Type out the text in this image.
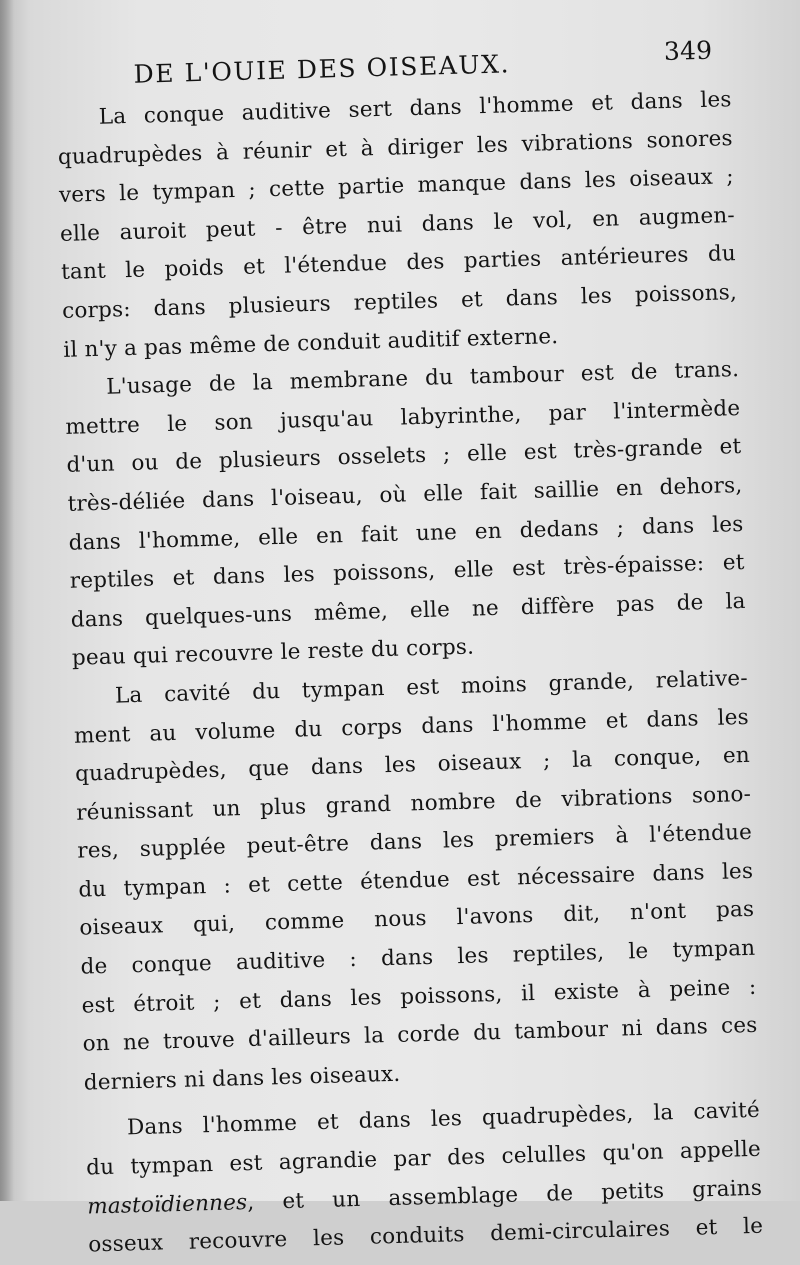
DE L'OUIE DES OISEAUX.	349
La conque auditive sert dans l'homme et dans les
quadrupèdes à réunir et à diriger les vibrations sonores
vers le tympan ; cette partie manque dans les oiseaux ;
elle auroit peut - être nui dans le vol, en augmen-
tant le poids et l'étendue des parties antérieures du
corps: dans plusieurs reptiles et dans les poissons,
il n'y a pas même de conduit auditif externe.
L'usage de la membrane du tambour est de trans.
mettre le son jusqu'au labyrinthe, par l'intermède
d'un ou de plusieurs osselets ; elle est très-grande et
très-déliée dans l'oiseau, où elle fait saillie en dehors,
dans l'homme, elle en fait une en dedans ; dans les
reptiles et dans les poissons, elle est très-épaisse: et
dans quelques-uns même, elle ne diffère pas de la
peau qui recouvre le reste du corps.
La cavité du tympan est moins grande, relative-
ment au volume du corps dans l'homme et dans les
quadrupèdes, que dans les oiseaux ; la conque, en
réunissant un plus grand nombre de vibrations sono-
res, supplée peut-être dans les premiers à l'étendue
du tympan : et cette étendue est nécessaire dans les
oiseaux qui, comme nous l'avons dit, n'ont pas
de conque auditive : dans les reptiles, le tympan
est étroit ; et dans les poissons, il existe à peine :
on ne trouve d'ailleurs la corde du tambour ni dans ces
derniers ni dans les oiseaux.
Dans l'homme et dans les quadrupèdes, la cavité
du tympan est agrandie par des celulles qu'on appelle
mastoïdiennes, et un assemblage de petits grains
osseux recouvre les conduits demi-circulaires et le
